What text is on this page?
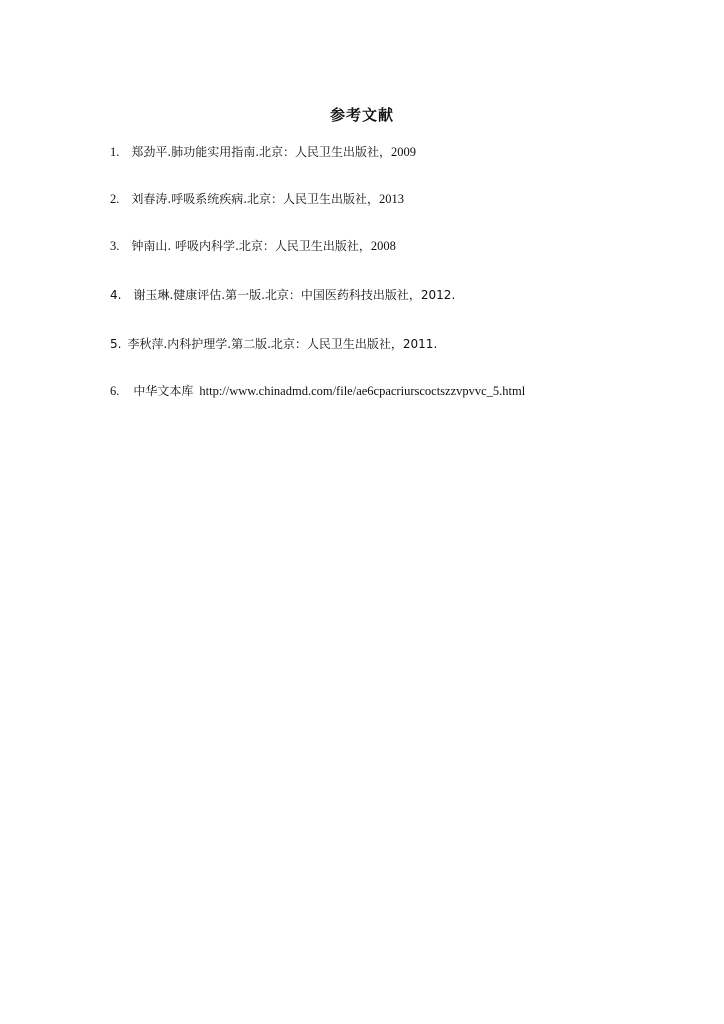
参考文献
1. 郑劲平.肺功能实用指南.北京：人民卫生出版社，2009
2. 刘春涛.呼吸系统疾病.北京：人民卫生出版社，2013
3. 钟南山. 呼吸内科学.北京：人民卫生出版社，2008
4. 谢玉琳.健康评估.第一版.北京：中国医药科技出版社，2012.
5. 李秋萍.内科护理学.第二版.北京：人民卫生出版社，2011.
6. 中华文本库 http://www.chinadmd.com/file/ae6cpacriurscoctszzvpvvc_5.html
